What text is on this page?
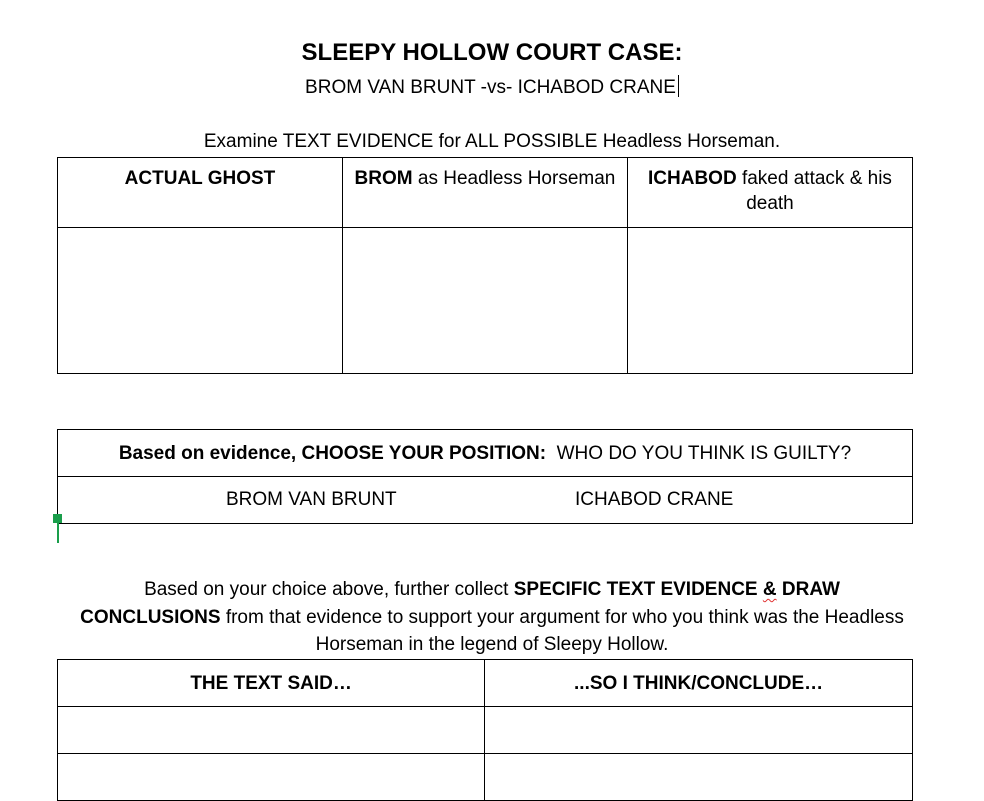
SLEEPY HOLLOW COURT CASE:
BROM VAN BRUNT -vs- ICHABOD CRANE
Examine TEXT EVIDENCE for ALL POSSIBLE Headless Horseman.
ACTUAL GHOST	BROM as Headless Horseman	ICHABOD faked attack & his death

Based on evidence, CHOOSE YOUR POSITION: WHO DO YOU THINK IS GUILTY?

BROM VAN BRUNT	ICHABOD CRANE
Based on your choice above, further collect SPECIFIC TEXT EVIDENCE & DRAW CONCLUSIONS from that evidence to support your argument for who you think was the Headless Horseman in the legend of Sleepy Hollow.
THE TEXT SAID…	...SO I THINK/CONCLUDE…
